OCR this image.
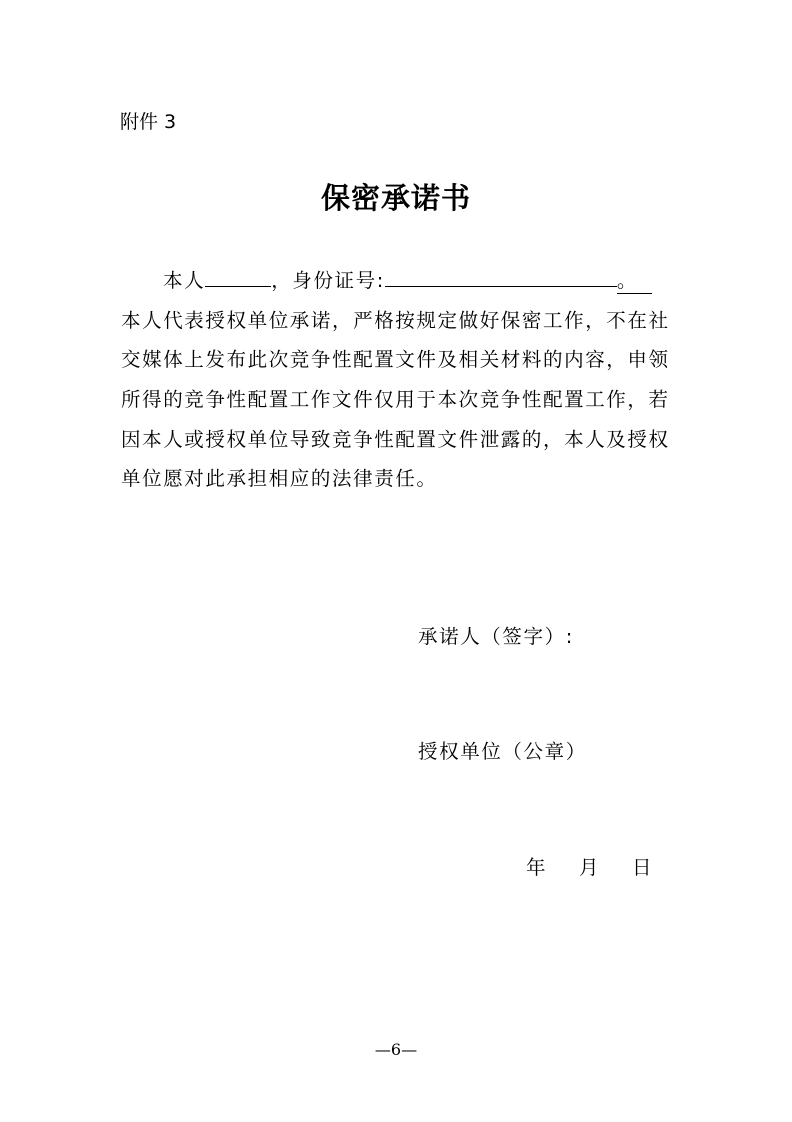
附件 3
保密承诺书
本人	，身份证号:	。
本人代表授权单位承诺，严格按规定做好保密工作，不在社
交媒体上发布此次竞争性配置文件及相关材料的内容，申领
所得的竞争性配置工作文件仅用于本次竞争性配置工作，若
因本人或授权单位导致竞争性配置文件泄露的，本人及授权
单位愿对此承担相应的法律责任。
承诺人（签字）:
授权单位（公章）
年 月 日
—6—
